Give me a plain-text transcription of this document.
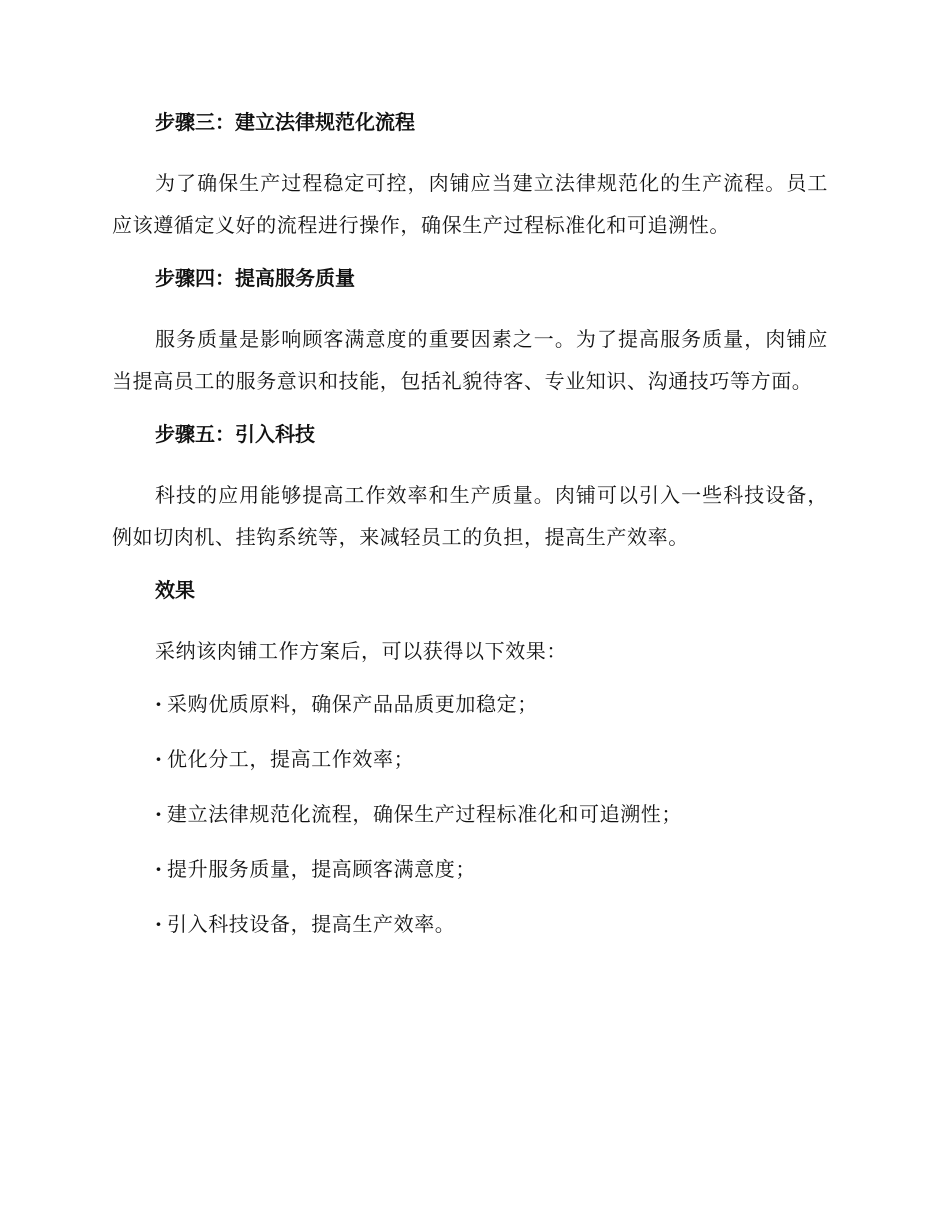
步骤三：建立法律规范化流程

为了确保生产过程稳定可控，肉铺应当建立法律规范化的生产流程。员工应该遵循定义好的流程进行操作，确保生产过程标准化和可追溯性。

步骤四：提高服务质量

服务质量是影响顾客满意度的重要因素之一。为了提高服务质量，肉铺应当提高员工的服务意识和技能，包括礼貌待客、专业知识、沟通技巧等方面。

步骤五：引入科技

科技的应用能够提高工作效率和生产质量。肉铺可以引入一些科技设备，例如切肉机、挂钩系统等，来减轻员工的负担，提高生产效率。

效果

采纳该肉铺工作方案后，可以获得以下效果：

· 采购优质原料，确保产品品质更加稳定；
· 优化分工，提高工作效率；
· 建立法律规范化流程，确保生产过程标准化和可追溯性；
· 提升服务质量，提高顾客满意度；
· 引入科技设备，提高生产效率。
